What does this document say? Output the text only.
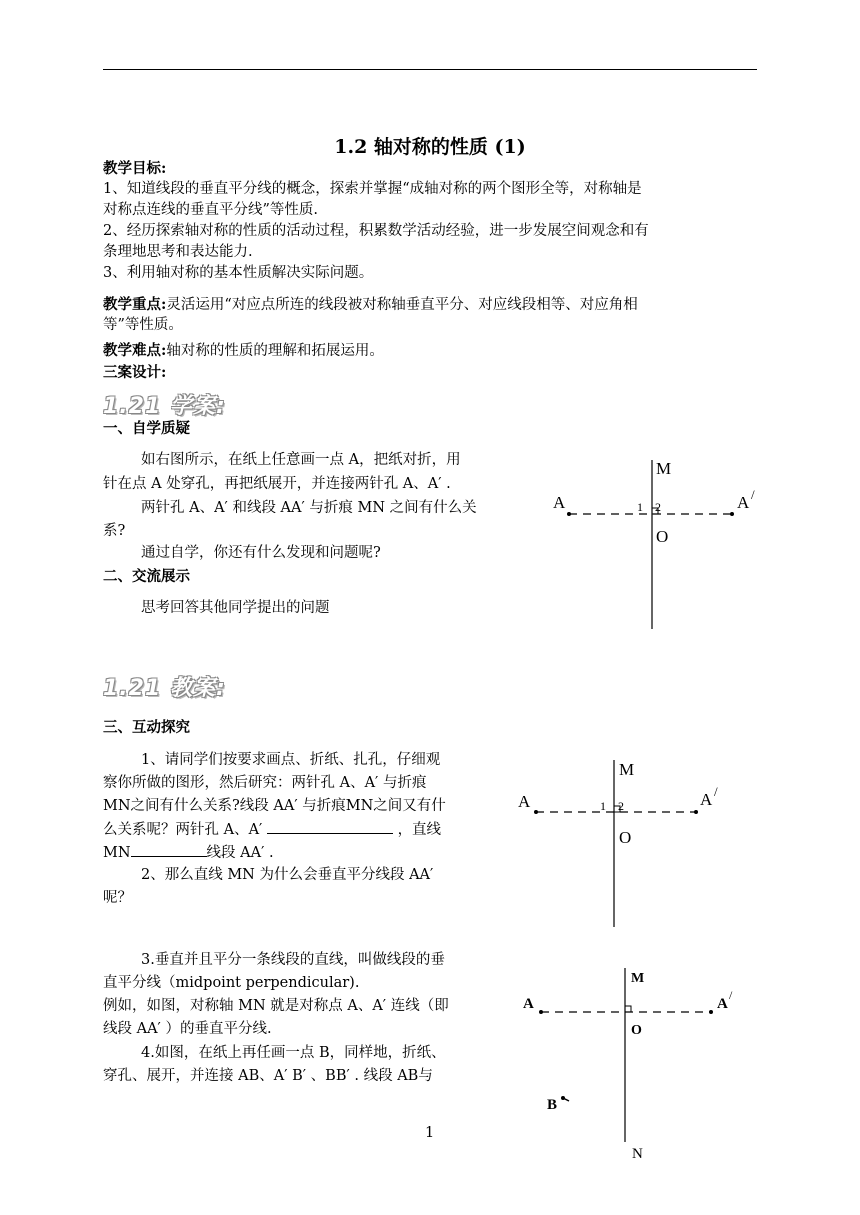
1.2 轴对称的性质 (1)
教学目标:
1、知道线段的垂直平分线的概念，探索并掌握“成轴对称的两个图形全等，对称轴是
对称点连线的垂直平分线”等性质.
2、经历探索轴对称的性质的活动过程，积累数学活动经验，进一步发展空间观念和有
条理地思考和表达能力.
3、利用轴对称的基本性质解决实际问题。
教学重点:灵活运用“对应点所连的线段被对称轴垂直平分、对应线段相等、对应角相
等”等性质。
教学难点:轴对称的性质的理解和拓展运用。
三案设计:
1.21 学案:
一、自学质疑
如右图所示，在纸上任意画一点 A，把纸对折，用
针在点 A 处穿孔，再把纸展开，并连接两针孔 A、A′ .
两针孔 A、A′ 和线段 AA′ 与折痕 MN 之间有什么关
系?
通过自学，你还有什么发现和问题呢?
二、交流展示
思考回答其他同学提出的问题
M
O
A	A /
1 2
1.21 教案:
三、互动探究
1、请同学们按要求画点、折纸、扎孔，仔细观
察你所做的图形，然后研究：两针孔 A、A′ 与折痕
MN之间有什么关系?线段 AA′ 与折痕MN之间又有什
么关系呢？两针孔 A、A′	，直线
MN	线段 AA′ .
2、那么直线 MN 为什么会垂直平分线段 AA′
呢？
3.垂直并且平分一条线段的直线，叫做线段的垂
直平分线（midpoint perpendicular).
例如，如图，对称轴 MN 就是对称点 A、A′ 连线（即
线段 AA′ ）的垂直平分线.
4.如图，在纸上再任画一点 B，同样地，折纸、
穿孔、展开，并连接 AB、A′ B′ 、BB′ . 线段 AB与
M
O
A	A /
1 2
M
O
A	A
/
B
N
1
